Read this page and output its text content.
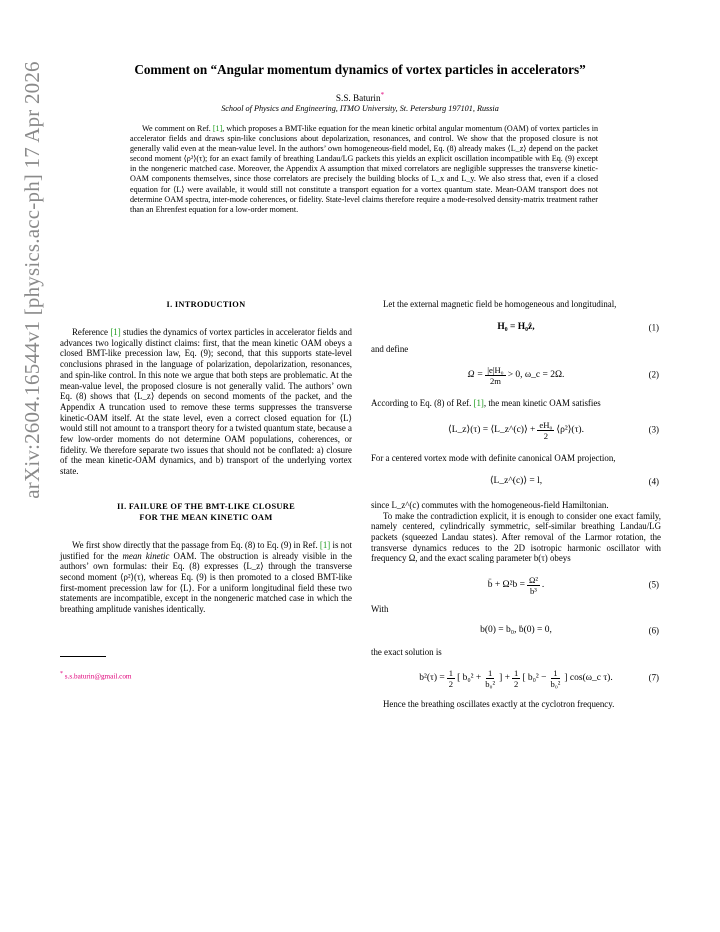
arXiv:2604.16544v1 [physics.acc-ph] 17 Apr 2026	Comment on “Angular momentum dynamics of vortex particles in accelerators”
S.S. Baturin*
School of Physics and Engineering, ITMO University, St. Petersburg 197101, Russia
We comment on Ref. [1], which proposes a BMT-like equation for the mean kinetic orbital angular momentum (OAM) of vortex particles in accelerator fields and draws spin-like conclusions about depolarization, resonances, and control. We show that the proposed closure is not generally valid even at the mean-value level. In the authors’ own homogeneous-field model, Eq. (8) already makes ⟨L_z⟩ depend on the packet second moment ⟨ρ²⟩(τ); for an exact family of breathing Landau/LG packets this yields an explicit oscillation incompatible with Eq. (9) except in the nongeneric matched case. Moreover, the Appendix A assumption that mixed correlators are negligible suppresses the transverse kinetic-OAM components themselves, since those correlators are precisely the building blocks of L_x and L_y. We also stress that, even if a closed equation for ⟨L⟩ were available, it would still not constitute a transport equation for a vortex quantum state. Mean-OAM transport does not determine OAM spectra, inter-mode coherences, or fidelity. State-level claims therefore require a mode-resolved density-matrix treatment rather than an Ehrenfest equation for a low-order moment.
I. INTRODUCTION
Reference [1] studies the dynamics of vortex particles in accelerator fields and advances two logically distinct claims: first, that the mean kinetic OAM obeys a closed BMT-like precession law, Eq. (9); second, that this supports state-level conclusions phrased in the language of polarization, depolarization, resonances, and spin-like control. In this note we argue that both steps are problematic. At the mean-value level, the proposed closure is not generally valid. The authors’ own Eq. (8) shows that ⟨L_z⟩ depends on second moments of the packet, and the Appendix A truncation used to remove these terms suppresses the transverse kinetic-OAM itself. At the state level, even a correct closed equation for ⟨L⟩ would still not amount to a transport theory for a twisted quantum state, because a few low-order moments do not determine OAM populations, coherences, or fidelity. We therefore separate two issues that should not be conflated: a) closure of the mean kinetic-OAM dynamics, and b) transport of the underlying vortex state.
II. FAILURE OF THE BMT-LIKE CLOSURE
FOR THE MEAN KINETIC OAM
We first show directly that the passage from Eq. (8) to Eq. (9) in Ref. [1] is not justified for the mean kinetic OAM. The obstruction is already visible in the authors’ own formulas: their Eq. (8) expresses ⟨L_z⟩ through the transverse second moment ⟨ρ²⟩(τ), whereas Eq. (9) is then promoted to a closed BMT-like first-moment precession law for ⟨L⟩. For a uniform longitudinal field these two statements are incompatible, except in the nongeneric matched case in which the breathing amplitude vanishes identically.
* s.s.baturin@gmail.com
Let the external magnetic field be homogeneous and longitudinal,
H₀ = H₀ẑ,	(1)
and define
$\Omega = \frac{\text{|e|H₀}}{2m} > 0$, ω_c = 2Ω.	(2)
According to Eq. (8) of Ref. [1], the mean kinetic OAM satisfies
⟨L_z⟩(τ) = ⟨L_z^(c)⟩ + $\frac{\text{eH₀}}{2}$ ⟨ρ²⟩(τ).	(3)
For a centered vortex mode with definite canonical OAM projection,
⟨L_z^(c)⟩ = l,	(4)
since L_z^(c) commutes with the homogeneous-field Hamiltonian.
To make the contradiction explicit, it is enough to consider one exact family, namely centered, cylindrically symmetric, self-similar breathing Landau/LG packets (squeezed Landau states). After removal of the Larmor rotation, the transverse dynamics reduces to the 2D isotropic harmonic oscillator with frequency Ω, and the exact scaling parameter b(τ) obeys
b̈ + $\Omega^2b = \frac{\text{Ω²}}{\text{b³}}$ .	(5)
With
b(0) = b₀, ḃ(0) = 0,	(6)
the exact solution is
$b^2(\tau) = \frac{1}{2}$ [ $b_0^2 + \frac{1}{\text{b₀²}}$ ] + $\frac{1}{2}$ [ $b_0^2 - \frac{1}{\text{b₀²}}$ ] cos(ω_c τ).	(7)
Hence the breathing oscillates exactly at the cyclotron frequency.
